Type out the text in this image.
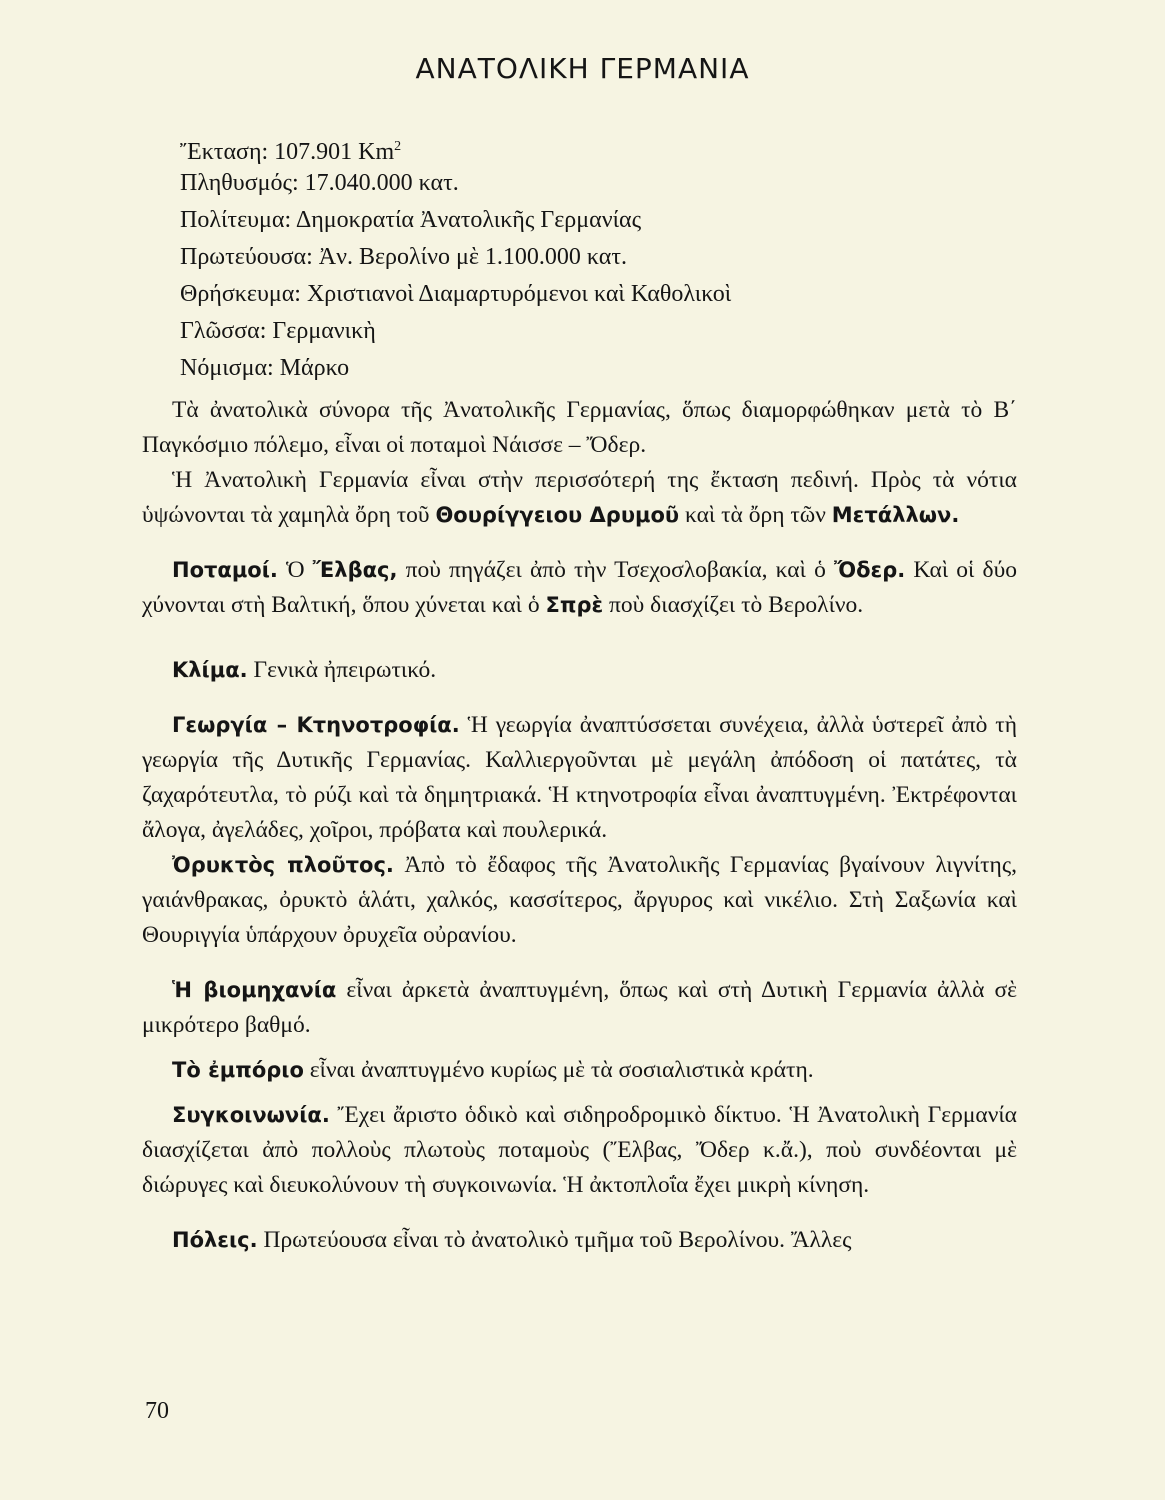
ΑΝΑΤΟΛΙΚΗ ΓΕΡΜΑΝΙΑ
Ἔκταση: 107.901 Km$^2$
Πληθυσμός: 17.040.000 κατ.
Πολίτευμα: Δημοκρατία Ἀνατολικῆς Γερμανίας
Πρωτεύουσα: Ἀν. Βερολίνο μὲ 1.100.000 κατ.
Θρήσκευμα: Χριστιανοὶ Διαμαρτυρόμενοι καὶ Καθολικοὶ
Γλῶσσα: Γερμανικὴ
Νόμισμα: Μάρκο

Τὰ ἀνατολικὰ σύνορα τῆς Ἀνατολικῆς Γερμανίας, ὅπως διαμορφώθηκαν μετὰ τὸ Β΄ Παγκόσμιο πόλεμο, εἶναι οἱ ποταμοὶ Νάισσε – Ὄδερ.

Ἡ Ἀνατολικὴ Γερμανία εἶναι στὴν περισσότερή της ἔκταση πεδινή. Πρὸς τὰ νότια ὑψώνονται τὰ χαμηλὰ ὄρη τοῦ Θουρίγγειου Δρυμοῦ καὶ τὰ ὄρη τῶν Μετάλλων.

Ποταμοί. Ὁ Ἔλβας, ποὺ πηγάζει ἀπὸ τὴν Τσεχοσλοβακία, καὶ ὁ Ὄδερ. Καὶ οἱ δύο χύνονται στὴ Βαλτική, ὅπου χύνεται καὶ ὁ Σπρὲ ποὺ διασχίζει τὸ Βερολίνο.

Κλίμα. Γενικὰ ἠπειρωτικό.

Γεωργία – Κτηνοτροφία. Ἡ γεωργία ἀναπτύσσεται συνέχεια, ἀλλὰ ὑστερεῖ ἀπὸ τὴ γεωργία τῆς Δυτικῆς Γερμανίας. Καλλιεργοῦνται μὲ μεγάλη ἀπόδοση οἱ πατάτες, τὰ ζαχαρότευτλα, τὸ ρύζι καὶ τὰ δημητριακά. Ἡ κτηνοτροφία εἶναι ἀναπτυγμένη. Ἐκτρέφονται ἄλογα, ἀγελάδες, χοῖροι, πρόβατα καὶ πουλερικά.

Ὀρυκτὸς πλοῦτος. Ἀπὸ τὸ ἔδαφος τῆς Ἀνατολικῆς Γερμανίας βγαίνουν λιγνίτης, γαιάνθρακας, ὀρυκτὸ ἁλάτι, χαλκός, κασσίτερος, ἄργυρος καὶ νικέλιο. Στὴ Σαξωνία καὶ Θουριγγία ὑπάρχουν ὀρυχεῖα οὐρανίου.

Ἡ βιομηχανία εἶναι ἀρκετὰ ἀναπτυγμένη, ὅπως καὶ στὴ Δυτικὴ Γερμανία ἀλλὰ σὲ μικρότερο βαθμό.

Τὸ ἐμπόριο εἶναι ἀναπτυγμένο κυρίως μὲ τὰ σοσιαλιστικὰ κράτη.

Συγκοινωνία. Ἔχει ἄριστο ὁδικὸ καὶ σιδηροδρομικὸ δίκτυο. Ἡ Ἀνατολικὴ Γερμανία διασχίζεται ἀπὸ πολλοὺς πλωτοὺς ποταμοὺς (Ἔλβας, Ὄδερ κ.ἄ.), ποὺ συνδέονται μὲ διώρυγες καὶ διευκολύνουν τὴ συγκοινωνία. Ἡ ἀκτοπλοΐα ἔχει μικρὴ κίνηση.

Πόλεις. Πρωτεύουσα εἶναι τὸ ἀνατολικὸ τμῆμα τοῦ Βερολίνου. Ἄλλες

70
